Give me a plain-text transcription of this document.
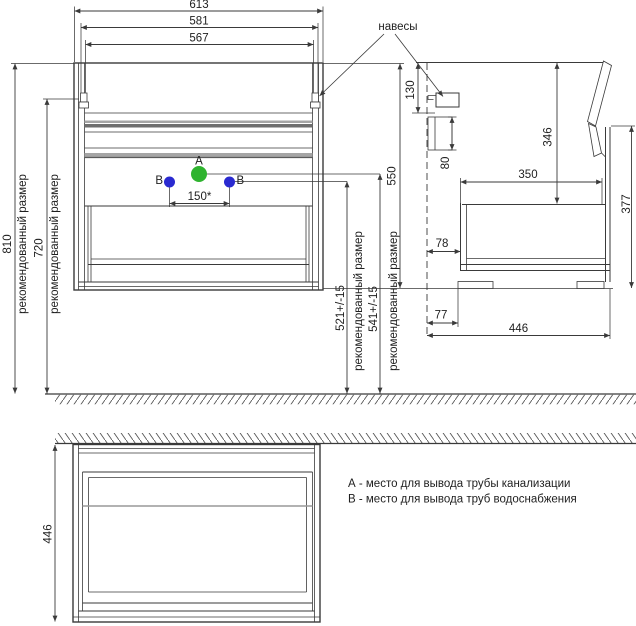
А
В	В
613
581
567
810 рекомендованный размер 720 рекомендованный размер	521+/-15 рекомендованный размер 541+/-15 рекомендованный размер
550
150*
130
80
346
350
377
78
77
446
навесы
446
А - место для вывода трубы канализации
В - место для вывода труб водоснабжения
